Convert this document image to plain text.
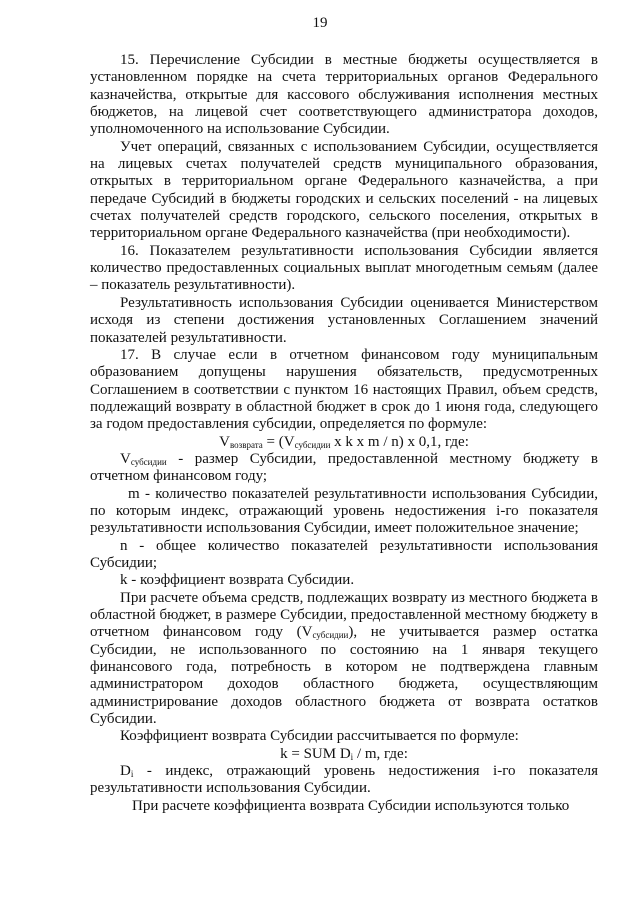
19

15. Перечисление Субсидии в местные бюджеты осуществляется в установленном порядке на счета территориальных органов Федерального казначейства, открытые для кассового обслуживания исполнения местных бюджетов, на лицевой счет соответствующего администратора доходов, уполномоченного на использование Субсидии.

Учет операций, связанных с использованием Субсидии, осуществляется на лицевых счетах получателей средств муниципального образования, открытых в территориальном органе Федерального казначейства, а при передаче Субсидий в бюджеты городских и сельских поселений - на лицевых счетах получателей средств городского, сельского поселения, открытых в территориальном органе Федерального казначейства (при необходимости).

16. Показателем результативности использования Субсидии является количество предоставленных социальных выплат многодетным семьям (далее – показатель результативности).

Результативность использования Субсидии оценивается Министерством исходя из степени достижения установленных Соглашением значений показателей результативности.

17. В случае если в отчетном финансовом году муниципальным образованием допущены нарушения обязательств, предусмотренных Соглашением в соответствии с пунктом 16 настоящих Правил, объем средств, подлежащий возврату в областной бюджет в срок до 1 июня года, следующего за годом предоставления субсидии, определяется по формуле:

$V_{возврата} = (V_{субсидии}$ x k x m / n) x 0,1, где:

$V_{субсидии}$ - размер Субсидии, предоставленной местному бюджету в отчетном финансовом году;

m - количество показателей результативности использования Субсидии, по которым индекс, отражающий уровень недостижения i-го показателя результативности использования Субсидии, имеет положительное значение;

n - общее количество показателей результативности использования Субсидии;

k - коэффициент возврата Субсидии.

При расчете объема средств, подлежащих возврату из местного бюджета в областной бюджет, в размере Субсидии, предоставленной местному бюджету в отчетном финансовом году $(V_{субсидии})$, не учитывается размер остатка Субсидии, не использованного по состоянию на 1 января текущего финансового года, потребность в котором не подтверждена главным администратором доходов областного бюджета, осуществляющим администрирование доходов областного бюджета от возврата остатков Субсидии.

Коэффициент возврата Субсидии рассчитывается по формуле:

k = SUM $D_i$ / m, где:

$D_i$ - индекс, отражающий уровень недостижения i-го показателя результативности использования Субсидии.

При расчете коэффициента возврата Субсидии используются только
